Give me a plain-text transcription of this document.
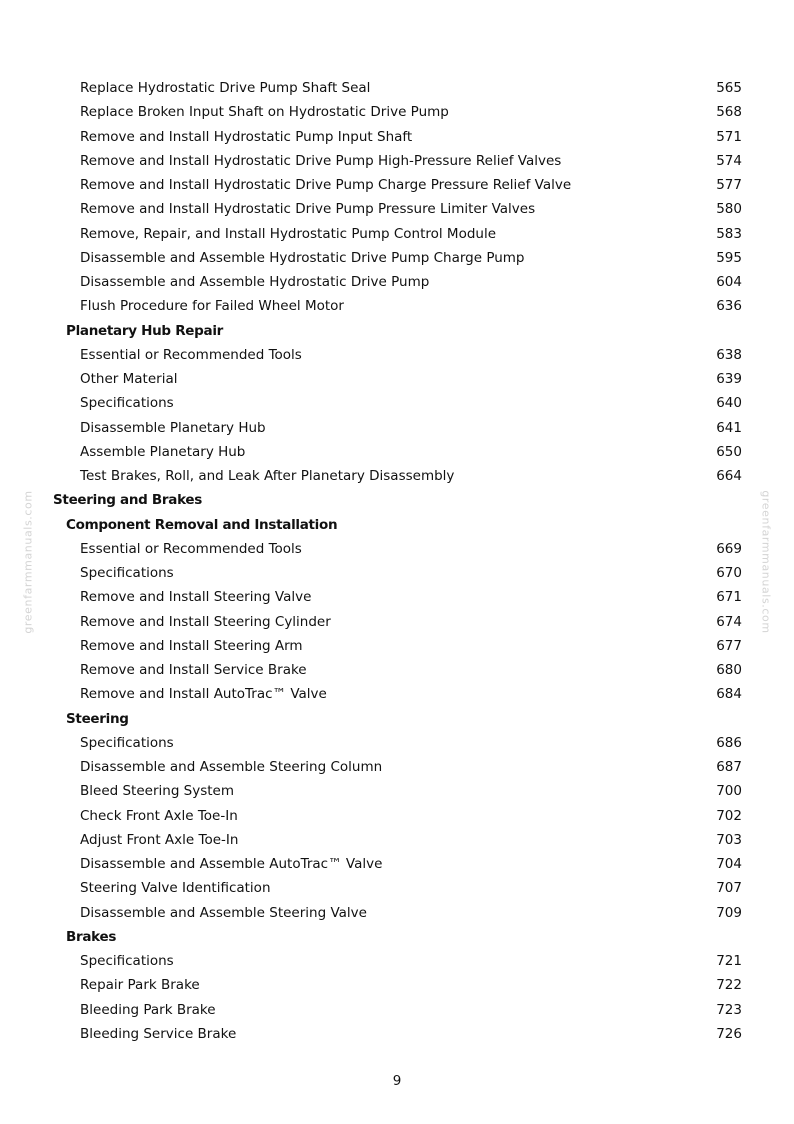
Replace Hydrostatic Drive Pump Shaft Seal	565
Replace Broken Input Shaft on Hydrostatic Drive Pump	568
Remove and Install Hydrostatic Pump Input Shaft	571
Remove and Install Hydrostatic Drive Pump High-Pressure Relief Valves	574
Remove and Install Hydrostatic Drive Pump Charge Pressure Relief Valve	577
Remove and Install Hydrostatic Drive Pump Pressure Limiter Valves	580
Remove, Repair, and Install Hydrostatic Pump Control Module	583
Disassemble and Assemble Hydrostatic Drive Pump Charge Pump	595
Disassemble and Assemble Hydrostatic Drive Pump	604
Flush Procedure for Failed Wheel Motor	636
Planetary Hub Repair
Essential or Recommended Tools	638
Other Material	639
Specifications	640
Disassemble Planetary Hub	641
Assemble Planetary Hub	650
Test Brakes, Roll, and Leak After Planetary Disassembly	664
Steering and Brakes
Component Removal and Installation
Essential or Recommended Tools	669
Specifications	670
Remove and Install Steering Valve	671
Remove and Install Steering Cylinder	674
Remove and Install Steering Arm	677
Remove and Install Service Brake	680
Remove and Install AutoTrac™ Valve	684
Steering
Specifications	686
Disassemble and Assemble Steering Column	687
Bleed Steering System	700
Check Front Axle Toe-In	702
Adjust Front Axle Toe-In	703
Disassemble and Assemble AutoTrac™ Valve	704
Steering Valve Identification	707
Disassemble and Assemble Steering Valve	709
Brakes
Specifications	721
Repair Park Brake	722
Bleeding Park Brake	723
Bleeding Service Brake	726
greenfarmmanuals.com	greenfarmmanuals.com
9
